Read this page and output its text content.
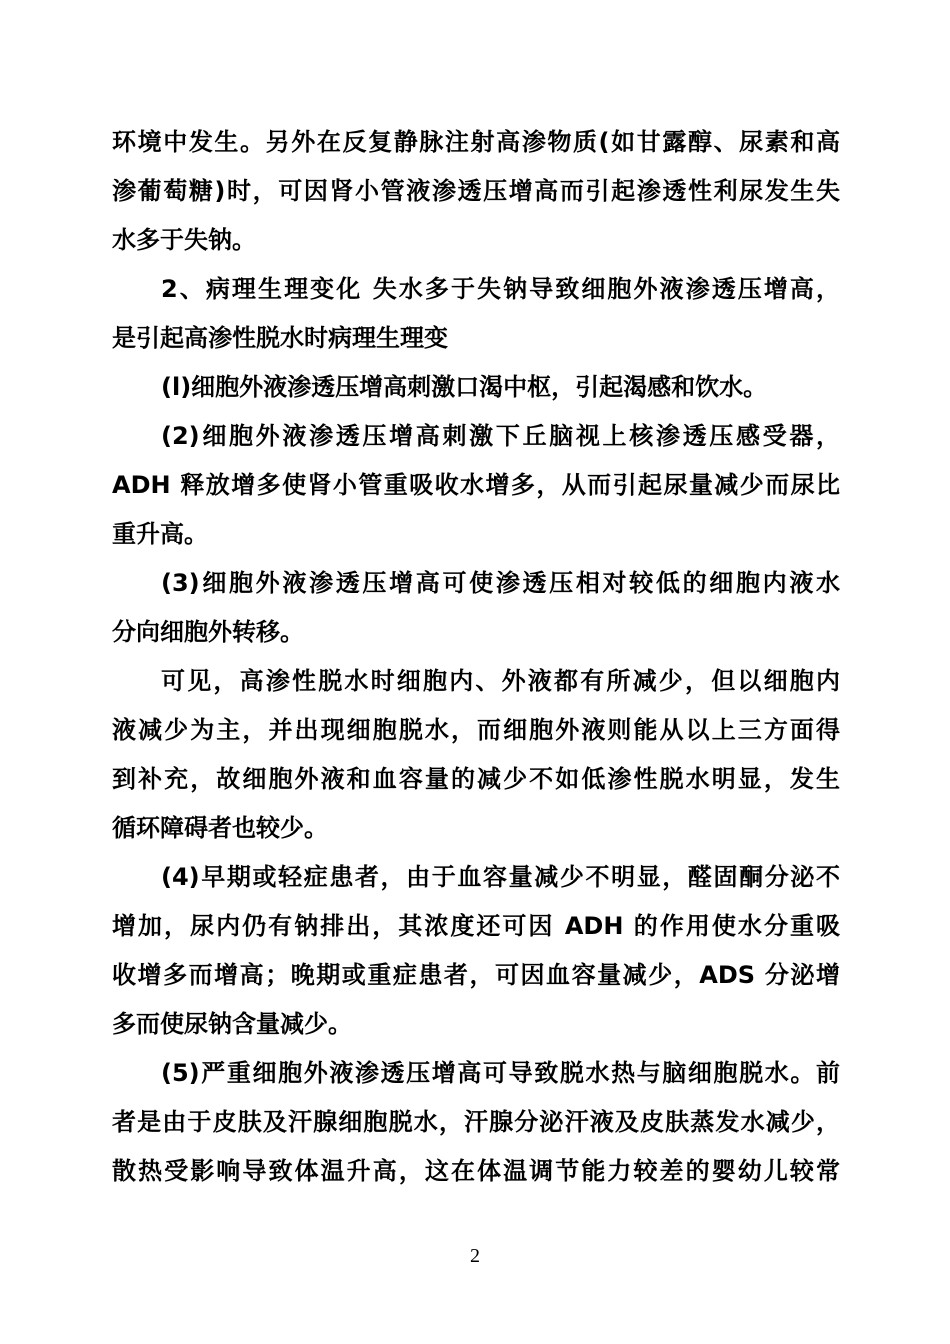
环境中发生。另外在反复静脉注射高渗物质(如甘露醇、尿素和高
渗葡萄糖)时，可因肾小管液渗透压增高而引起渗透性利尿发生失
水多于失钠。
2、病理生理变化 失水多于失钠导致细胞外液渗透压增高，
是引起高渗性脱水时病理生理变
(l)细胞外液渗透压增高刺激口渴中枢，引起渴感和饮水。
(2)细胞外液渗透压增高刺激下丘脑视上核渗透压感受器，
ADH 释放增多使肾小管重吸收水增多，从而引起尿量减少而尿比
重升高。
(3)细胞外液渗透压增高可使渗透压相对较低的细胞内液水
分向细胞外转移。
可见，高渗性脱水时细胞内、外液都有所减少，但以细胞内
液减少为主，并出现细胞脱水，而细胞外液则能从以上三方面得
到补充，故细胞外液和血容量的减少不如低渗性脱水明显，发生
循环障碍者也较少。
(4)早期或轻症患者，由于血容量减少不明显，醛固酮分泌不
增加，尿内仍有钠排出，其浓度还可因 ADH 的作用使水分重吸
收增多而增高；晚期或重症患者，可因血容量减少，ADS 分泌增
多而使尿钠含量减少。
(5)严重细胞外液渗透压增高可导致脱水热与脑细胞脱水。前
者是由于皮肤及汗腺细胞脱水，汗腺分泌汗液及皮肤蒸发水减少，
散热受影响导致体温升高，这在体温调节能力较差的婴幼儿较常
2
